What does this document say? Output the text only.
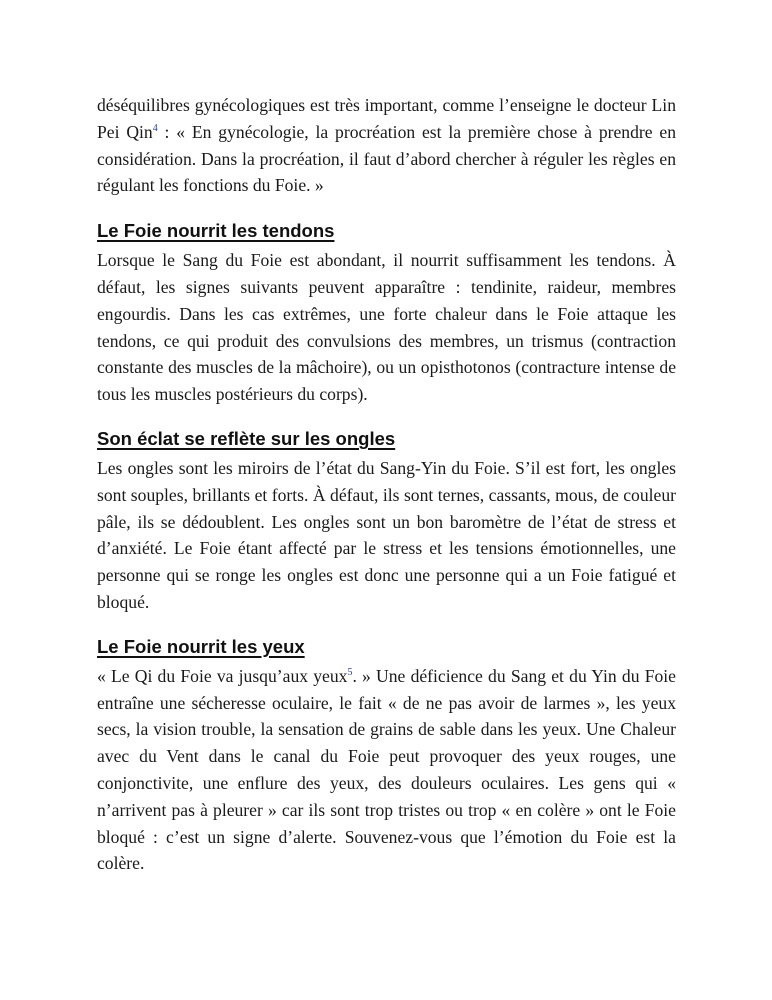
déséquilibres gynécologiques est très important, comme l’enseigne le docteur Lin Pei Qin$^4$ : « En gynécologie, la procréation est la première chose à prendre en considération. Dans la procréation, il faut d’abord chercher à réguler les règles en régulant les fonctions du Foie. »

Le Foie nourrit les tendons

Lorsque le Sang du Foie est abondant, il nourrit suffisamment les tendons. À défaut, les signes suivants peuvent apparaître : tendinite, raideur, membres engourdis. Dans les cas extrêmes, une forte chaleur dans le Foie attaque les tendons, ce qui produit des convulsions des membres, un trismus (contraction constante des muscles de la mâchoire), ou un opisthotonos (contracture intense de tous les muscles postérieurs du corps).

Son éclat se reflète sur les ongles

Les ongles sont les miroirs de l’état du Sang-Yin du Foie. S’il est fort, les ongles sont souples, brillants et forts. À défaut, ils sont ternes, cassants, mous, de couleur pâle, ils se dédoublent. Les ongles sont un bon baromètre de l’état de stress et d’anxiété. Le Foie étant affecté par le stress et les tensions émotionnelles, une personne qui se ronge les ongles est donc une personne qui a un Foie fatigué et bloqué.

Le Foie nourrit les yeux

« Le Qi du Foie va jusqu’aux yeux$^5$. » Une déficience du Sang et du Yin du Foie entraîne une sécheresse oculaire, le fait « de ne pas avoir de larmes », les yeux secs, la vision trouble, la sensation de grains de sable dans les yeux. Une Chaleur avec du Vent dans le canal du Foie peut provoquer des yeux rouges, une conjonctivite, une enflure des yeux, des douleurs oculaires. Les gens qui « n’arrivent pas à pleurer » car ils sont trop tristes ou trop « en colère » ont le Foie bloqué : c’est un signe d’alerte. Souvenez-vous que l’émotion du Foie est la colère.
